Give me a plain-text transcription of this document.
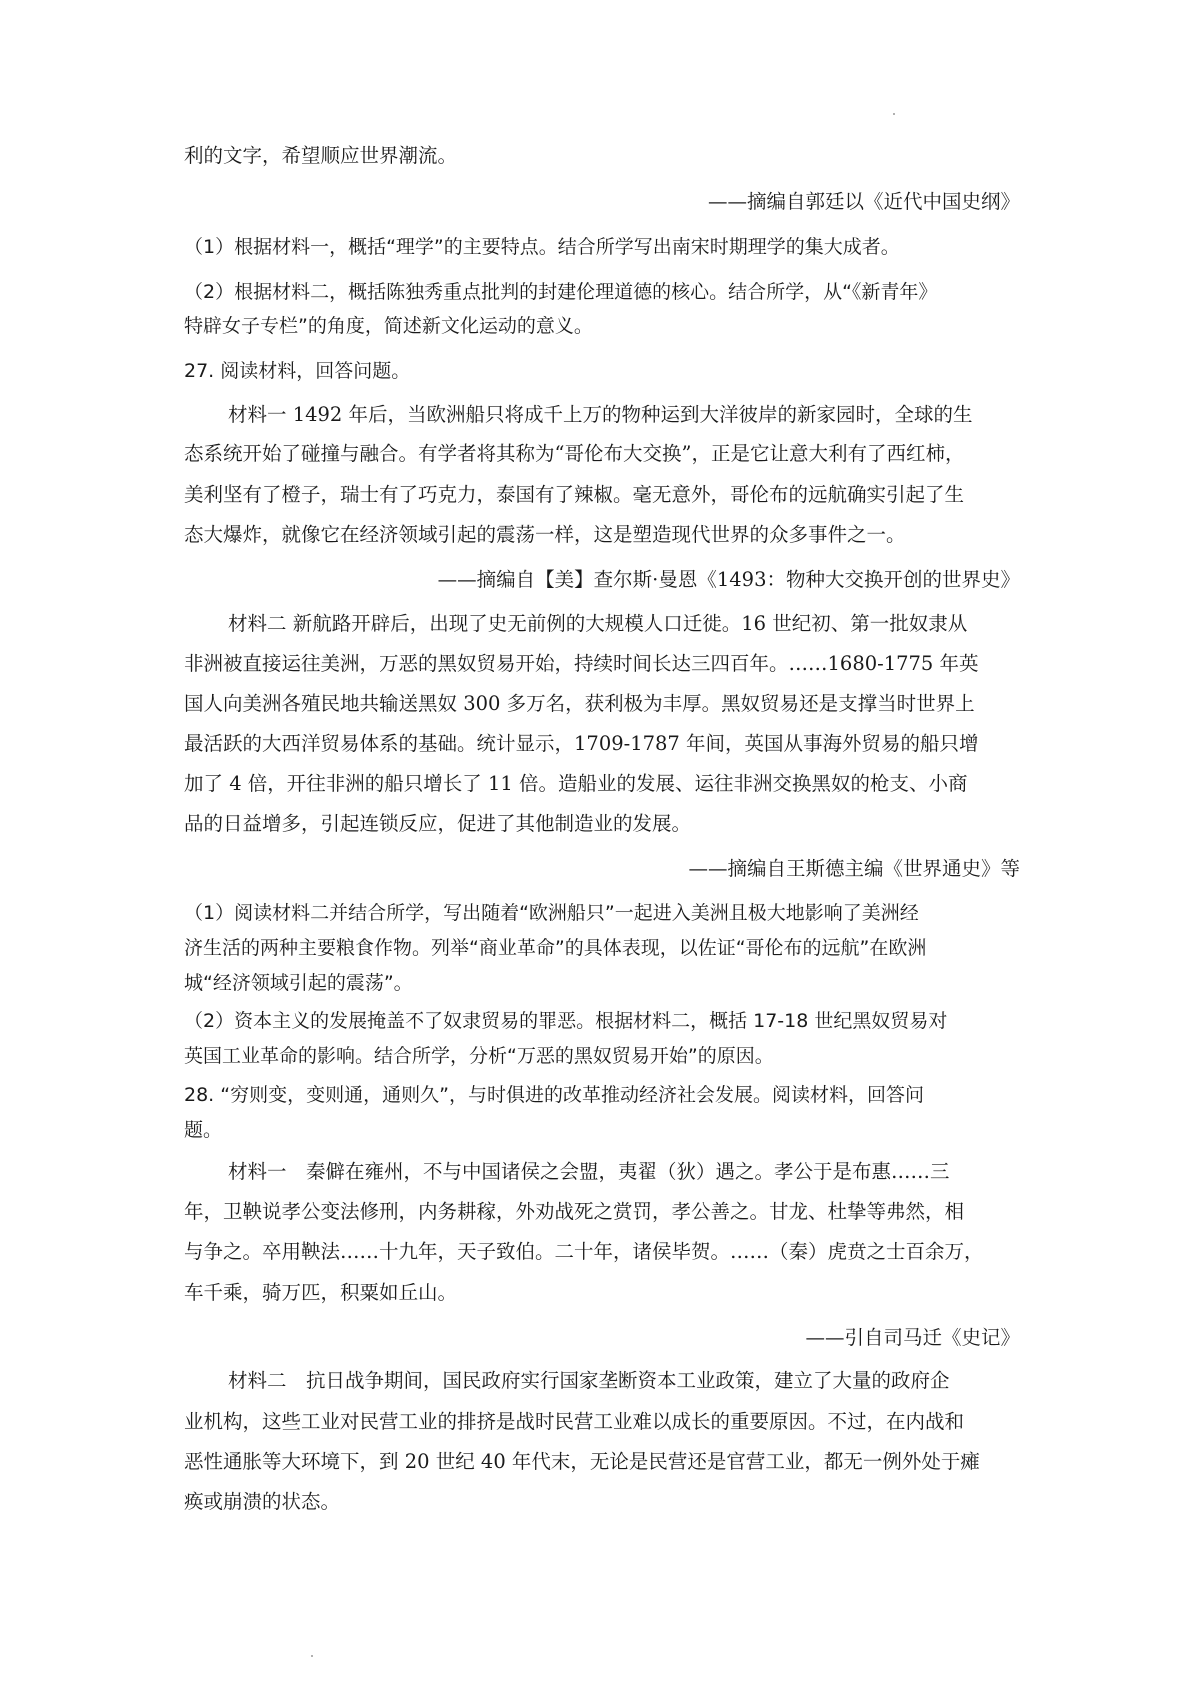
利的文字，希望顺应世界潮流。
——摘编自郭廷以《近代中国史纲》
（1）根据材料一，概括“理学”的主要特点。结合所学写出南宋时期理学的集大成者。
（2）根据材料二，概括陈独秀重点批判的封建伦理道德的核心。结合所学，从“《新青年》
特辟女子专栏”的角度，简述新文化运动的意义。
27. 阅读材料，回答问题。
材料一 1492 年后，当欧洲船只将成千上万的物种运到大洋彼岸的新家园时，全球的生
态系统开始了碰撞与融合。有学者将其称为“哥伦布大交换”，正是它让意大利有了西红柿，
美利坚有了橙子，瑞士有了巧克力，泰国有了辣椒。毫无意外，哥伦布的远航确实引起了生
态大爆炸，就像它在经济领域引起的震荡一样，这是塑造现代世界的众多事件之一。
——摘编自【美】查尔斯·曼恩《1493：物种大交换开创的世界史》
材料二 新航路开辟后，出现了史无前例的大规模人口迁徙。16 世纪初、第一批奴隶从
非洲被直接运往美洲，万恶的黑奴贸易开始，持续时间长达三四百年。……1680-1775 年英
国人向美洲各殖民地共输送黑奴 300 多万名，获利极为丰厚。黑奴贸易还是支撑当时世界上
最活跃的大西洋贸易体系的基础。统计显示，1709-1787 年间，英国从事海外贸易的船只增
加了 4 倍，开往非洲的船只增长了 11 倍。造船业的发展、运往非洲交换黑奴的枪支、小商
品的日益增多，引起连锁反应，促进了其他制造业的发展。
——摘编自王斯德主编《世界通史》等
（1）阅读材料二并结合所学，写出随着“欧洲船只”一起进入美洲且极大地影响了美洲经
济生活的两种主要粮食作物。列举“商业革命”的具体表现，以佐证“哥伦布的远航”在欧洲
城“经济领域引起的震荡”。
（2）资本主义的发展掩盖不了奴隶贸易的罪恶。根据材料二，概括 17-18 世纪黑奴贸易对
英国工业革命的影响。结合所学，分析“万恶的黑奴贸易开始”的原因。
28. “穷则变，变则通，通则久”，与时俱进的改革推动经济社会发展。阅读材料，回答问
题。
材料一　秦僻在雍州，不与中国诸侯之会盟，夷翟（狄）遇之。孝公于是布惠……三
年，卫鞅说孝公变法修刑，内务耕稼，外劝战死之赏罚，孝公善之。甘龙、杜挚等弗然，相
与争之。卒用鞅法……十九年，天子致伯。二十年，诸侯毕贺。……（秦）虎贲之士百余万，
车千乘，骑万匹，积粟如丘山。
——引自司马迁《史记》
材料二　抗日战争期间，国民政府实行国家垄断资本工业政策，建立了大量的政府企
业机构，这些工业对民营工业的排挤是战时民营工业难以成长的重要原因。不过，在内战和
恶性通胀等大环境下，到 20 世纪 40 年代末，无论是民营还是官营工业，都无一例外处于瘫
痪或崩溃的状态。
